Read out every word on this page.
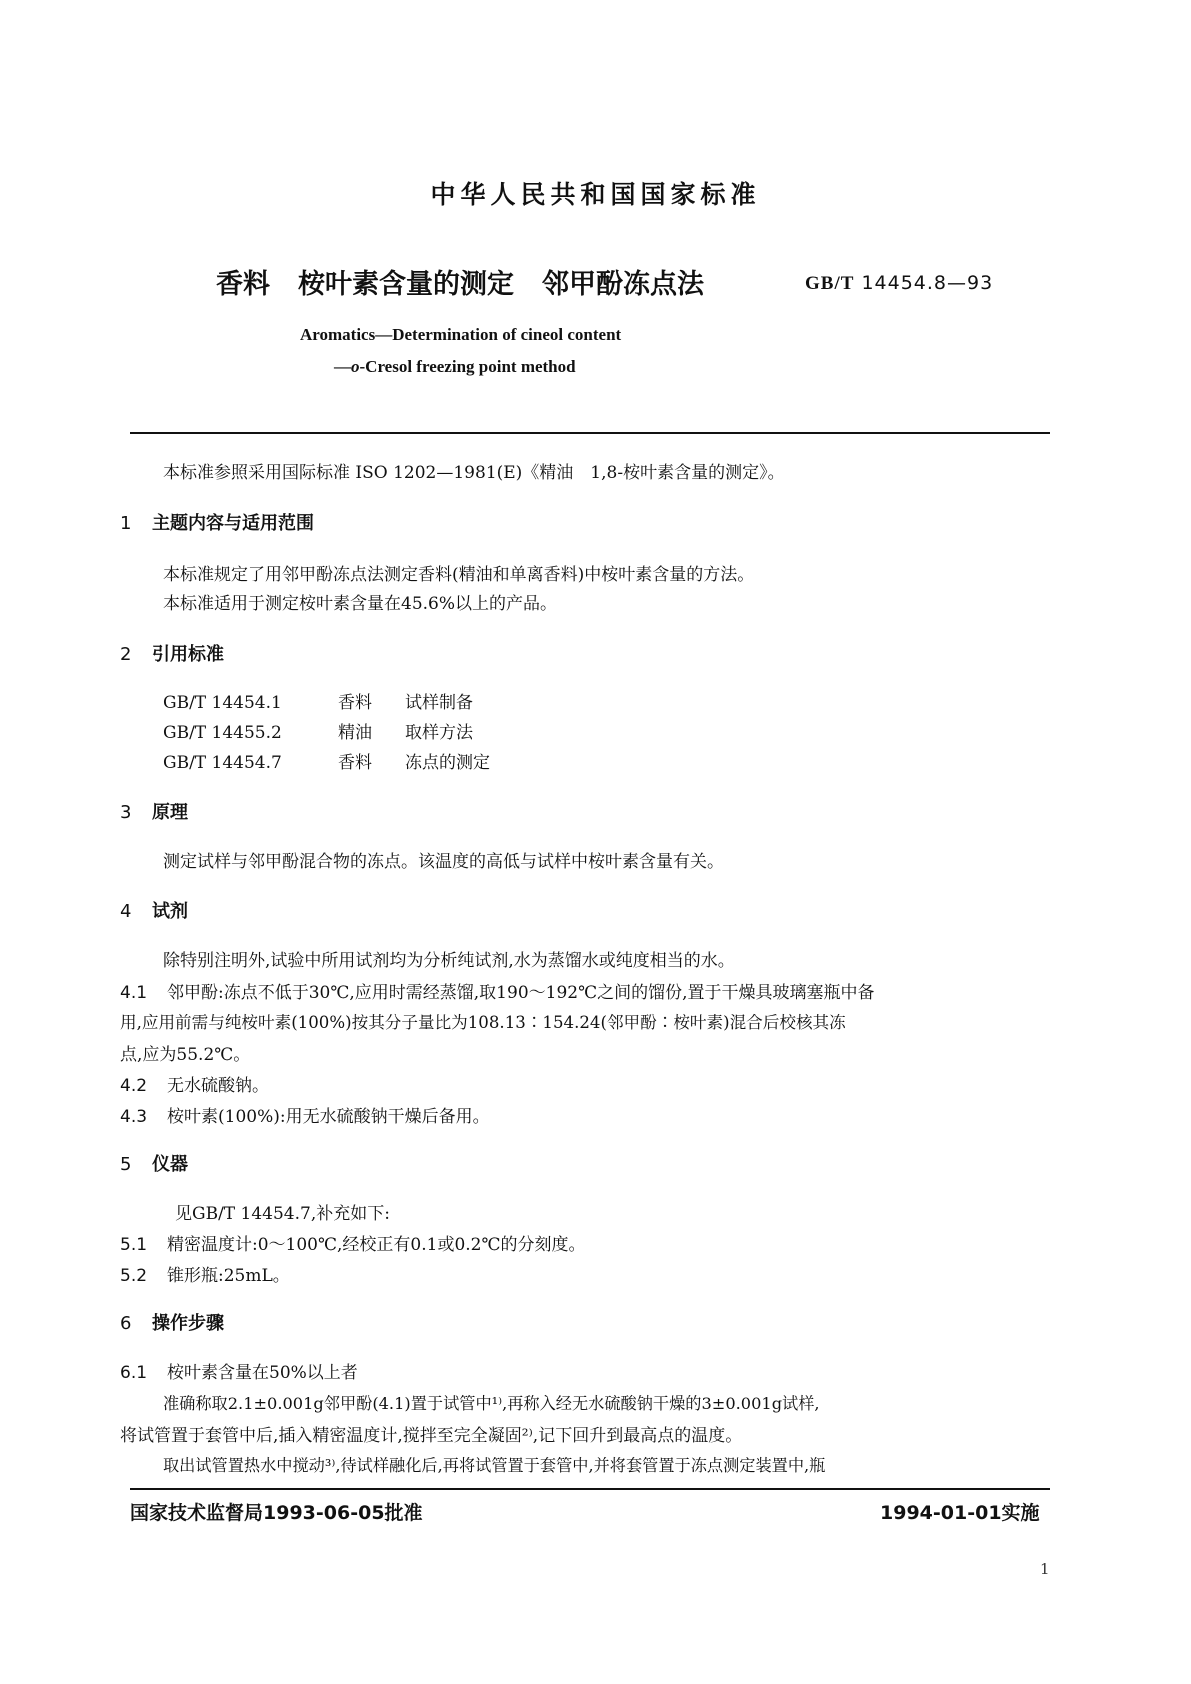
中华人民共和国国家标准
香料 桉叶素含量的测定 邻甲酚冻点法	GB/T 14454.8—93
Aromatics—Determination of cineol content
—o-Cresol freezing point method
本标准参照采用国际标准 ISO 1202—1981(E)《精油　1,8-桉叶素含量的测定》。
1 主题内容与适用范围
本标准规定了用邻甲酚冻点法测定香料(精油和单离香料)中桉叶素含量的方法。
本标准适用于测定桉叶素含量在45.6%以上的产品。
2 引用标准
GB/T 14454.1	香料 试样制备
GB/T 14455.2	精油 取样方法
GB/T 14454.7	香料 冻点的测定
3 原理
测定试样与邻甲酚混合物的冻点。该温度的高低与试样中桉叶素含量有关。
4 试剂
除特别注明外,试验中所用试剂均为分析纯试剂,水为蒸馏水或纯度相当的水。
4.1 邻甲酚:冻点不低于30℃,应用时需经蒸馏,取190～192℃之间的馏份,置于干燥具玻璃塞瓶中备
用,应用前需与纯桉叶素(100%)按其分子量比为108.13∶154.24(邻甲酚∶桉叶素)混合后校核其冻
点,应为55.2℃。
4.2 无水硫酸钠。
4.3 桉叶素(100%):用无水硫酸钠干燥后备用。
5 仪器
见GB/T 14454.7,补充如下:
5.1 精密温度计:0～100℃,经校正有0.1或0.2℃的分刻度。
5.2 锥形瓶:25mL。
6 操作步骤
6.1 桉叶素含量在50%以上者
准确称取2.1±0.001g邻甲酚(4.1)置于试管中¹⁾,再称入经无水硫酸钠干燥的3±0.001g试样,
将试管置于套管中后,插入精密温度计,搅拌至完全凝固²⁾,记下回升到最高点的温度。
取出试管置热水中搅动³⁾,待试样融化后,再将试管置于套管中,并将套管置于冻点测定装置中,瓶
国家技术监督局1993-06-05批准	1994-01-01实施
1
